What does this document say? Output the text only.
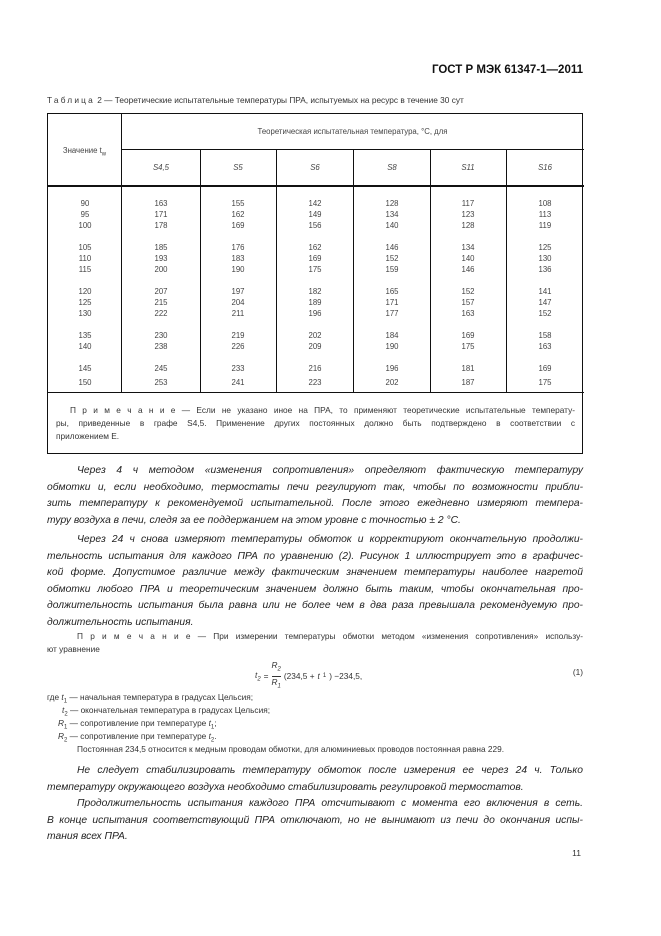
ГОСТ Р МЭК 61347-1—2011
Таблица 2 — Теоретические испытательные температуры ПРА, испытуемых на ресурс в течение 30 сут
Значение $t_w$
Теоретическая испытательная температура, °С, для
S4,5	S5	S6	S8	S11	S16
90	163	155	142	128	117	108
95	171	162	149	134	123	113
100	178	169	156	140	128	119
105	185	176	162	146	134	125
110	193	183	169	152	140	130
115	200	190	175	159	146	136
120	207	197	182	165	152	141
125	215	204	189	171	157	147
130	222	211	196	177	163	152
135	230	219	202	184	169	158
140	238	226	209	190	175	163
145	245	233	216	196	181	169
150	253	241	223	202	187	175
П р и м е ч а н и е — Если не указано иное на ПРА, то применяют теоретические испытательные температу-
ры, приведенные в графе S4,5. Применение других постоянных должно быть подтверждено в соответствии с
приложением Е.
Через 4 ч методом «изменения сопротивления» определяют фактическую температуру
обмотки и, если необходимо, термостаты печи регулируют так, чтобы по возможности прибли-
зить температуру к рекомендуемой испытательной. После этого ежедневно измеряют темпера-
туру воздуха в печи, следя за ее поддержанием на этом уровне с точностью ± 2 °С.
Через 24 ч снова измеряют температуры обмоток и корректируют окончательную продолжи-
тельность испытания для каждого ПРА по уравнению (2). Рисунок 1 иллюстрирует это в графичес-
кой форме. Допустимое различие между фактическим значением температуры наиболее нагретой
обмотки любого ПРА и теоретическим значением должно быть таким, чтобы окончательная про-
должительность испытания была равна или не более чем в два раза превышала рекомендуемую про-
должительность испытания.
П р и м е ч а н и е — При измерении температуры обмотки методом «изменения сопротивления» использу-
ют уравнение
$t_2$ =
$R_2$
$R_1$
(234,5 + t 1 ) −234,5,	(1)
где $t_1$ — начальная температура в градусах Цельсия;
$t_2$ — окончательная температура в градусах Цельсия;
$R_1$ — сопротивление при температуре $t_1$;
$R_2$ — сопротивление при температуре $t_2$.
Постоянная 234,5 относится к медным проводам обмотки, для алюминиевых проводов постоянная равна 229.
Не следует стабилизировать температуру обмоток после измерения ее через 24 ч. Только
температуру окружающего воздуха необходимо стабилизировать регулировкой термостатов.
Продолжительность испытания каждого ПРА отсчитывают с момента его включения в сеть.
В конце испытания соответствующий ПРА отключают, но не вынимают из печи до окончания испы-
тания всех ПРА.
11
